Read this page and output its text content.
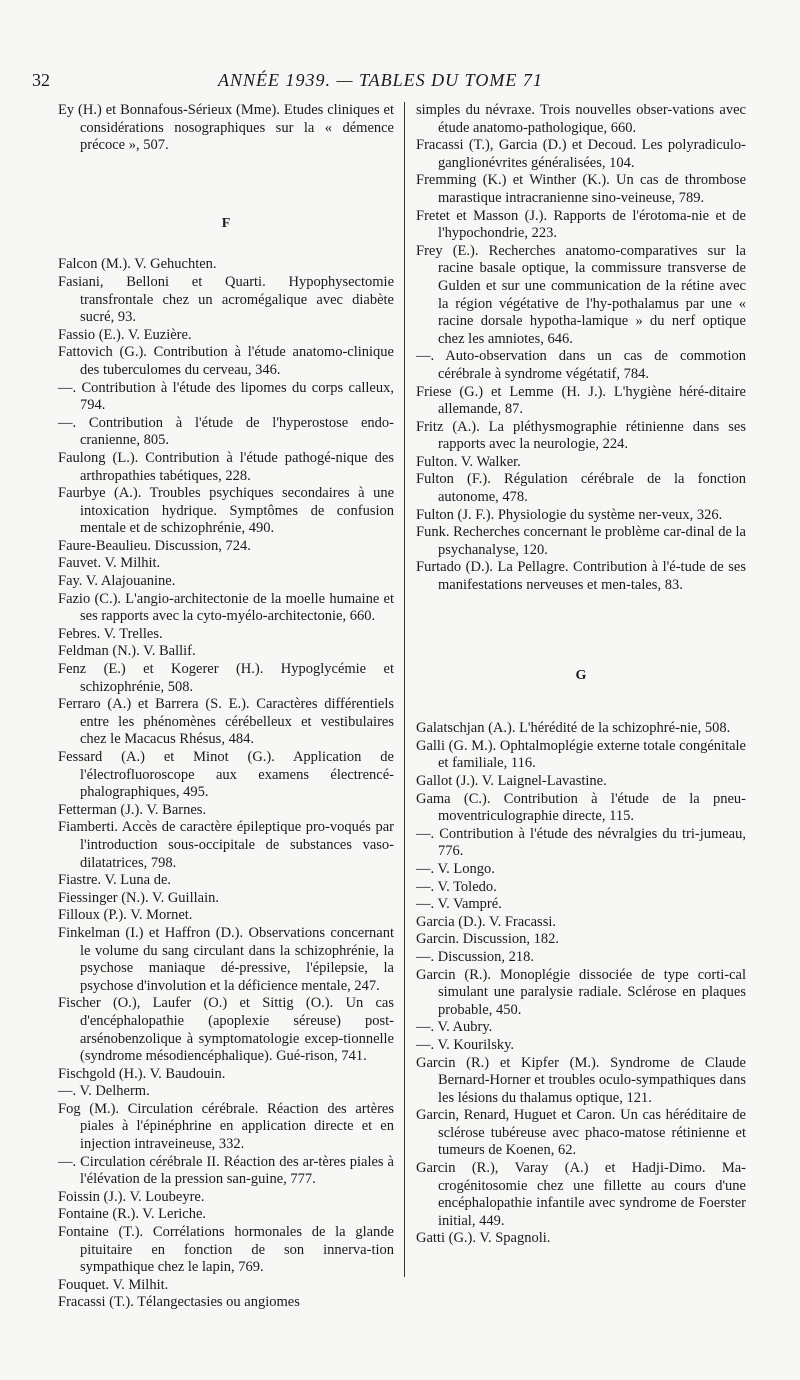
32	ANNÉE 1939. — TABLES DU TOME 71

Ey (H.) et Bonnafous-Sérieux (Mme). Etudes cliniques et considérations nosographiques sur la « démence précoce », 507.

F

Falcon (M.). V. Gehuchten.

Fasiani, Belloni et Quarti. Hypophysectomie transfrontale chez un acromégalique avec diabète sucré, 93.

Fassio (E.). V. Euzière.

Fattovich (G.). Contribution à l'étude anatomo-clinique des tuberculomes du cerveau, 346.

—. Contribution à l'étude des lipomes du corps calleux, 794.

—. Contribution à l'étude de l'hyperostose endo-cranienne, 805.

Faulong (L.). Contribution à l'étude pathogé-nique des arthropathies tabétiques, 228.

Faurbye (A.). Troubles psychiques secondaires à une intoxication hydrique. Symptômes de confusion mentale et de schizophrénie, 490.

Faure-Beaulieu. Discussion, 724.

Fauvet. V. Milhit.

Fay. V. Alajouanine.

Fazio (C.). L'angio-architectonie de la moelle humaine et ses rapports avec la cyto-myélo-architectonie, 660.

Febres. V. Trelles.

Feldman (N.). V. Ballif.

Fenz (E.) et Kogerer (H.). Hypoglycémie et schizophrénie, 508.

Ferraro (A.) et Barrera (S. E.). Caractères différentiels entre les phénomènes cérébelleux et vestibulaires chez le Macacus Rhésus, 484.

Fessard (A.) et Minot (G.). Application de l'électrofluoroscope aux examens électrencé-phalographiques, 495.

Fetterman (J.). V. Barnes.

Fiamberti. Accès de caractère épileptique pro-voqués par l'introduction sous-occipitale de substances vaso-dilatatrices, 798.

Fiastre. V. Luna de.

Fiessinger (N.). V. Guillain.

Filloux (P.). V. Mornet.

Finkelman (I.) et Haffron (D.). Observations concernant le volume du sang circulant dans la schizophrénie, la psychose maniaque dé-pressive, l'épilepsie, la psychose d'involution et la déficience mentale, 247.

Fischer (O.), Laufer (O.) et Sittig (O.). Un cas d'encéphalopathie (apoplexie séreuse) post-arsénobenzolique à symptomatologie excep-tionnelle (syndrome mésodiencéphalique). Gué-rison, 741.

Fischgold (H.). V. Baudouin.

—. V. Delherm.

Fog (M.). Circulation cérébrale. Réaction des artères piales à l'épinéphrine en application directe et en injection intraveineuse, 332.

—. Circulation cérébrale II. Réaction des ar-tères piales à l'élévation de la pression san-guine, 777.

Foissin (J.). V. Loubeyre.

Fontaine (R.). V. Leriche.

Fontaine (T.). Corrélations hormonales de la glande pituitaire en fonction de son innerva-tion sympathique chez le lapin, 769.

Fouquet. V. Milhit.

Fracassi (T.). Télangectasies ou angiomes

simples du névraxe. Trois nouvelles obser-vations avec étude anatomo-pathologique, 660.

Fracassi (T.), Garcia (D.) et Decoud. Les polyradiculo-ganglionévrites généralisées, 104.

Fremming (K.) et Winther (K.). Un cas de thrombose marastique intracranienne sino-veineuse, 789.

Fretet et Masson (J.). Rapports de l'érotoma-nie et de l'hypochondrie, 223.

Frey (E.). Recherches anatomo-comparatives sur la racine basale optique, la commissure transverse de Gulden et sur une communication de la rétine avec la région végétative de l'hy-pothalamus par une « racine dorsale hypotha-lamique » du nerf optique chez les amniotes, 646.

—. Auto-observation dans un cas de commotion cérébrale à syndrome végétatif, 784.

Friese (G.) et Lemme (H. J.). L'hygiène héré-ditaire allemande, 87.

Fritz (A.). La pléthysmographie rétinienne dans ses rapports avec la neurologie, 224.

Fulton. V. Walker.

Fulton (F.). Régulation cérébrale de la fonction autonome, 478.

Fulton (J. F.). Physiologie du système ner-veux, 326.

Funk. Recherches concernant le problème car-dinal de la psychanalyse, 120.

Furtado (D.). La Pellagre. Contribution à l'é-tude de ses manifestations nerveuses et men-tales, 83.

G

Galatschjan (A.). L'hérédité de la schizophré-nie, 508.

Galli (G. M.). Ophtalmoplégie externe totale congénitale et familiale, 116.

Gallot (J.). V. Laignel-Lavastine.

Gama (C.). Contribution à l'étude de la pneu-moventriculographie directe, 115.

—. Contribution à l'étude des névralgies du tri-jumeau, 776.

—. V. Longo.

—. V. Toledo.

—. V. Vampré.

Garcia (D.). V. Fracassi.

Garcin. Discussion, 182.

—. Discussion, 218.

Garcin (R.). Monoplégie dissociée de type corti-cal simulant une paralysie radiale. Sclérose en plaques probable, 450.

—. V. Aubry.

—. V. Kourilsky.

Garcin (R.) et Kipfer (M.). Syndrome de Claude Bernard-Horner et troubles oculo-sympathiques dans les lésions du thalamus optique, 121.

Garcin, Renard, Huguet et Caron. Un cas héréditaire de sclérose tubéreuse avec phaco-matose rétinienne et tumeurs de Koenen, 62.

Garcin (R.), Varay (A.) et Hadji-Dimo. Ma-crogénitosomie chez une fillette au cours d'une encéphalopathie infantile avec syndrome de Foerster initial, 449.

Gatti (G.). V. Spagnoli.
